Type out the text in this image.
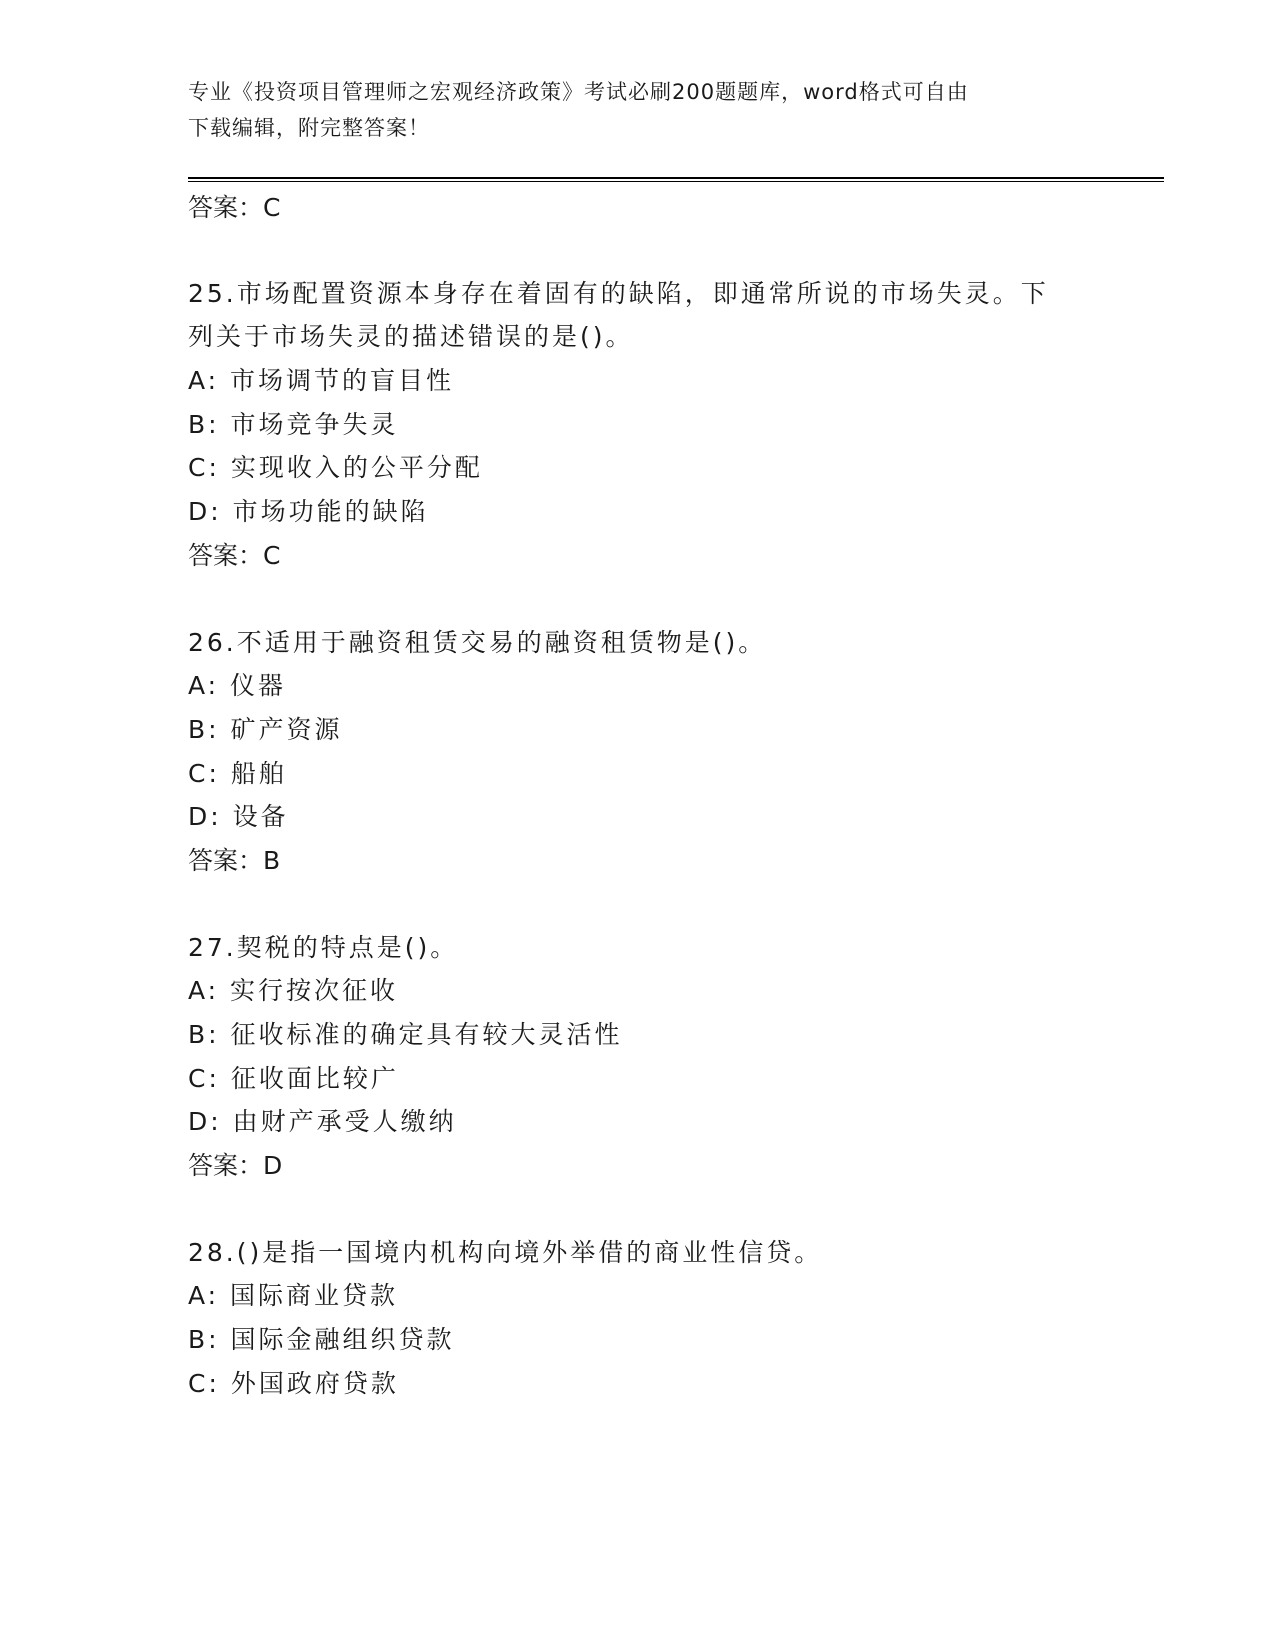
专业《投资项目管理师之宏观经济政策》考试必刷200题题库，word格式可自由
下载编辑，附完整答案！
答案：C
25.市场配置资源本身存在着固有的缺陷，即通常所说的市场失灵。下
列关于市场失灵的描述错误的是()。
A: 市场调节的盲目性
B: 市场竞争失灵
C: 实现收入的公平分配
D: 市场功能的缺陷
答案：C
26.不适用于融资租赁交易的融资租赁物是()。
A: 仪器
B: 矿产资源
C: 船舶
D: 设备
答案：B
27.契税的特点是()。
A: 实行按次征收
B: 征收标准的确定具有较大灵活性
C: 征收面比较广
D: 由财产承受人缴纳
答案：D
28.()是指一国境内机构向境外举借的商业性信贷。
A: 国际商业贷款
B: 国际金融组织贷款
C: 外国政府贷款
